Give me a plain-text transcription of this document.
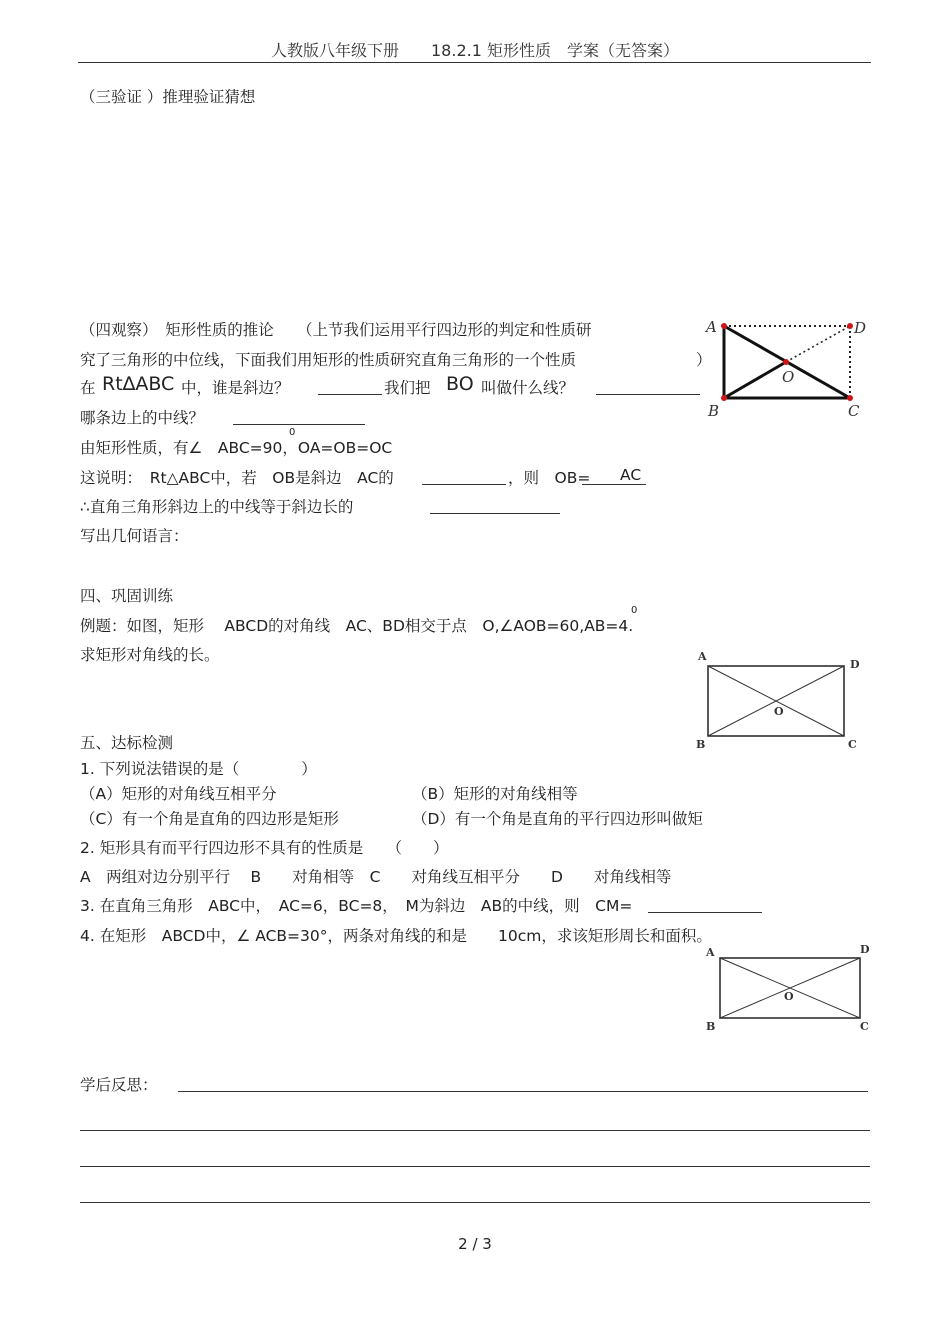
人教版八年级下册　　18.2.1 矩形性质　学案（无答案）
（三验证 ）推理验证猜想
（四观察）　矩形性质的推论　　（上节我们运用平行四边形的判定和性质研
究了三角形的中位线，下面我们用矩形的性质研究直角三角形的一个性质	）
在 Rt∆ABC 中，谁是斜边？	我们把 BO 叫做什么线？
哪条边上的中线？
由矩形性质，有∠　ABC=90，OA=OB=OC
0
这说明：　Rt△ABC中，若　OB是斜边　AC的	，则　OB= AC
∴直角三角形斜边上的中线等于斜边长的
写出几何语言：
A	D
O
B	C
四、巩固训练
例题：如图，矩形　 ABCD的对角线　AC、BD相交于点　O,∠AOB=60,AB=4.
0
求矩形对角线的长。	A
D
O
B	C
五、达标检测
1. 下列说法错误的是（　　　　）
（A）矩形的对角线互相平分	（B）矩形的对角线相等
（C）有一个角是直角的四边形是矩形	（D）有一个角是直角的平行四边形叫做矩
2. 矩形具有而平行四边形不具有的性质是　　（　　）
A　两组对边分别平行　 B　　对角相等　C　　对角线互相平分　　D　　对角线相等
3. 在直角三角形　ABC中，　AC=6，BC=8，　M为斜边　AB的中线，则　CM=
4. 在矩形　ABCD中，∠ ACB=30°，两条对角线的和是　　10cm，求该矩形周长和面积。
A	D
O
B	C
学后反思：
2 / 3
